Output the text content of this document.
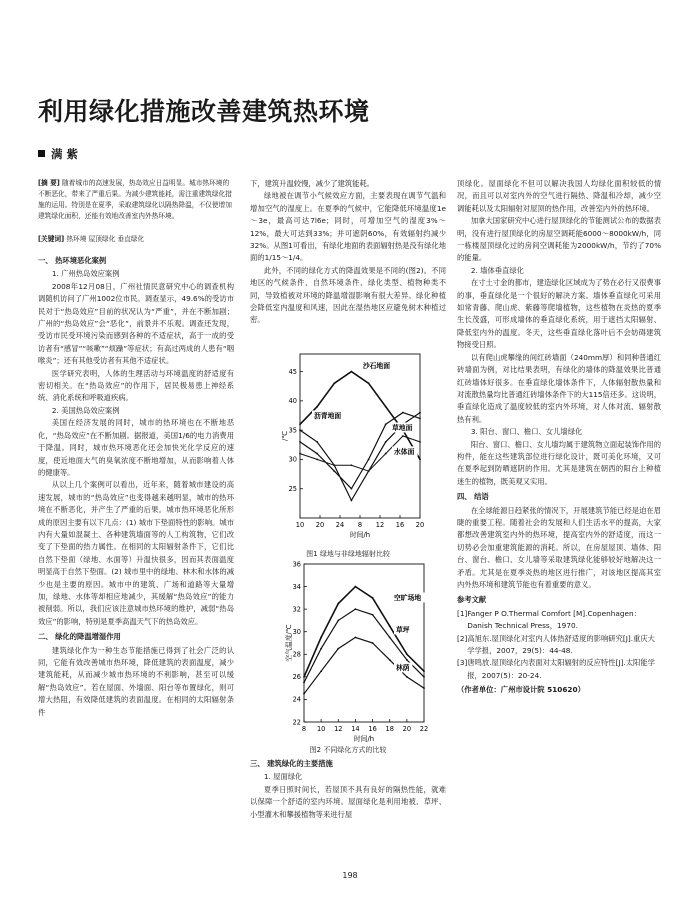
利用绿化措施改善建筑热环境
满 紫

[摘 要] 随着城市的高速发展，热岛效应日益明显。城市热环境的不断恶化，带来了严重后果。为减少建筑能耗，需注重建筑绿化措施的运用。特别是在夏季，采取建筑绿化以隔热降温，不仅使增加建筑绿化面积，还能有效地改善室内外热环境。

[关键词] 热环境 屋顶绿化 垂直绿化

一、 热环境恶化案例

1. 广州热岛效应案例

2008年12月08日，广州社情民意研究中心的调查机构调随机访问了广州1002位市民。调查显示，49.6%的受访市民对于“热岛效应”目前的状况认为“严重”，并在不断加剧；广州的“热岛效应”会“恶化”，前景并不乐观。调查还发现，受访市民受环境污染而感到各种的不适症状，高于一成的受访者有“感冒”“咳嗽”“烦躁”等症状；有高过两成的人患有“咽喉炎”；还有其他受访者有其他不适症状。

医学研究表明，人体的生理活动与环境温度的舒适度有密切相关。在“热岛效应”的作用下，居民极易患上神经系统、消化系统和呼吸道疾病。

2. 美国热岛效应案例

美国在经济发展的同时，城市的热环境也在不断地恶化，“热岛效应”在不断加剧。据报道，美国1/6的电力消费用于降温。同时，城市热环境恶化还会加快光化学反应的速度，使近地面大气的臭氧浓度不断地增加，从而影响着人体的健康等。

从以上几个案例可以看出，近年来，随着城市建设的高速发展，城市的“热岛效应”也变得越来越明显，城市的热环境在不断恶化，并产生了严重的后果。城市热环境恶化所形成的原因主要有以下几点：(1) 城市下垫面特性的影响。城市内有大量如混凝土、各种建筑墙面等的人工构筑物，它们改变了下垫面的热力属性。在相同的太阳辐射条件下，它们比自然下垫面（绿地、水面等）升温快很多，因而其表面温度明显高于自然下垫面。(2) 城市里中的绿地、林木和水体的减少也是主要的原因。城市中的建筑、广场和道路等大量增加，绿地、水体等却相应地减少，其缓解“热岛效应”的能力被削弱。所以，我们应该注意城市热环境的维护，减弱“热岛效应”的影响，特别是夏季高温天气下的热岛效应。

二、 绿化的降温增湿作用

建筑绿化作为一种生态节能措施已得到了社会广泛的认同，它能有效改善城市热环境，降低建筑的表面温度，减少建筑能耗，从而减少城市热环境的不利影响，甚至可以缓解“热岛效应”。若在屋面、外墙面、阳台等布置绿化，则可增大热阻，有效降低建筑的表面温度。在相同的太阳辐射条件

下，建筑升温较慢，减少了建筑能耗。

绿地被在调节小气候效应方面，主要表现在调节气温和增加空气的湿度上。在夏季的气候中，它能降低环境温度1e～3e，最高可达7l6e；同时，可增加空气的湿度3%～12%，最大可达到33%；并可遮阴60%，有效辐射约减少32%。从图1可看出，有绿化地面的表面辐射热是没有绿化地面的1/15～1/4。

此外，不同的绿化方式的降温效果是不同的(图2)。不同地区的气候条件、自然环境条件、绿化类型、植物种类不同，导致植被对环境的降温增湿影响有很大差异。绿化种植会降低室内温度和风速，因此在湿热地区应避免树木种植过密。

25
30
35
40
45
10 20 24 8 12 16 20
时间/h
/℃
沙石地面
沥青地面
草地面
水体面
图1 绿地与非绿地辐射比较
22
24
26
28
30
32
34
36
8 10 12 14 16 18 20 22
时间/h
空气温度/℃
空旷场地
草坪
林荫
图2 不同绿化方式的比较

三、 建筑绿化的主要措施

1. 屋面绿化

夏季日照时间长，若屋顶不具有良好的隔热性能，就难以保障一个舒适的室内环境。屋面绿化是利用地被、草坪、小型灌木和攀援植物等来进行屋

顶绿化。屋面绿化不但可以解决我国人均绿化面积较低的情况，而且可以对室内外的空气进行隔热、降温和冷却，减少空调能耗以及太阳辐射对屋顶的热作用，改善室内外的热环境。

加拿大国家研究中心进行屋顶绿化的节能测试公布的数据表明，没有进行屋顶绿化的房屋空调耗能6000～8000kW/h，同一栋楼屋顶绿化过的房间空调耗能为2000kW/h，节约了70%的能量。

2. 墙体垂直绿化

在寸土寸金的都市，建造绿化区域成为了势在必行又很费事的事，垂直绿化是一个很好的解决方案。墙体垂直绿化可采用如常青藤、爬山虎、紫藤等爬墙植物，这些植物在炎热的夏季生长茂盛，可形成墙体的垂直绿化系统，用于遮挡太阳辐射、降低室内外的温度。冬天，这些垂直绿化落叶后不会妨碍建筑物接受日照。

以有爬山虎攀缘的间红砖墙面（240mm厚）和同种普通红砖墙面为例，对比结果表明，有绿化的墙体的降温效果比普通红砖墙体好很多。在垂直绿化墙体条件下，人体辐射散热量和对流散热量均比普通红砖墙体条件下的大115倍还多。这说明，垂直绿化造成了温度较低的室内外环境，对人体对流、辐射散热有利。

3. 阳台、窗口、檐口、女儿墙绿化

阳台、窗口、檐口、女儿墙均属于建筑物立面起装饰作用的构件，能在这些建筑部位进行绿化设计，既可美化环境，又可在夏季起到防晒遮阴的作用。尤其是建筑在朝西的阳台上种植迷生的植物，既美观又实用。

四、 结语

在全球能源日趋紧张的情况下，开展建筑节能已经是迫在眉睫的重要工程。随着社会的发展和人们生活水平的提高，大家都想改善建筑室内外的热环境，提高室内外的舒适度，而这一切势必会加重建筑能源的消耗。所以，在房屋屋顶、墙体、阳台、窗台、檐口、女儿墙等采取建筑绿化能够较好地解决这一矛盾。尤其是在夏季炎热的地区进行推广，对该地区提高其室内外热环境和建筑节能也有着重要的意义。

参考文献

[1]Fanger P O.Thermal Comfort [M].Copenhagen：Danish Technical Press，1970.

[2]高旭东.屋顶绿化对室内人体热舒适度的影响研究[J].重庆大学学报，2007，29(5)：44-48.

[3]唐鸣放.屋顶绿化内表面对太阳辐射的反应特性[J].太阳能学报，2007(5)：20-24.

（作者单位：广州市设计院 510620）

198
